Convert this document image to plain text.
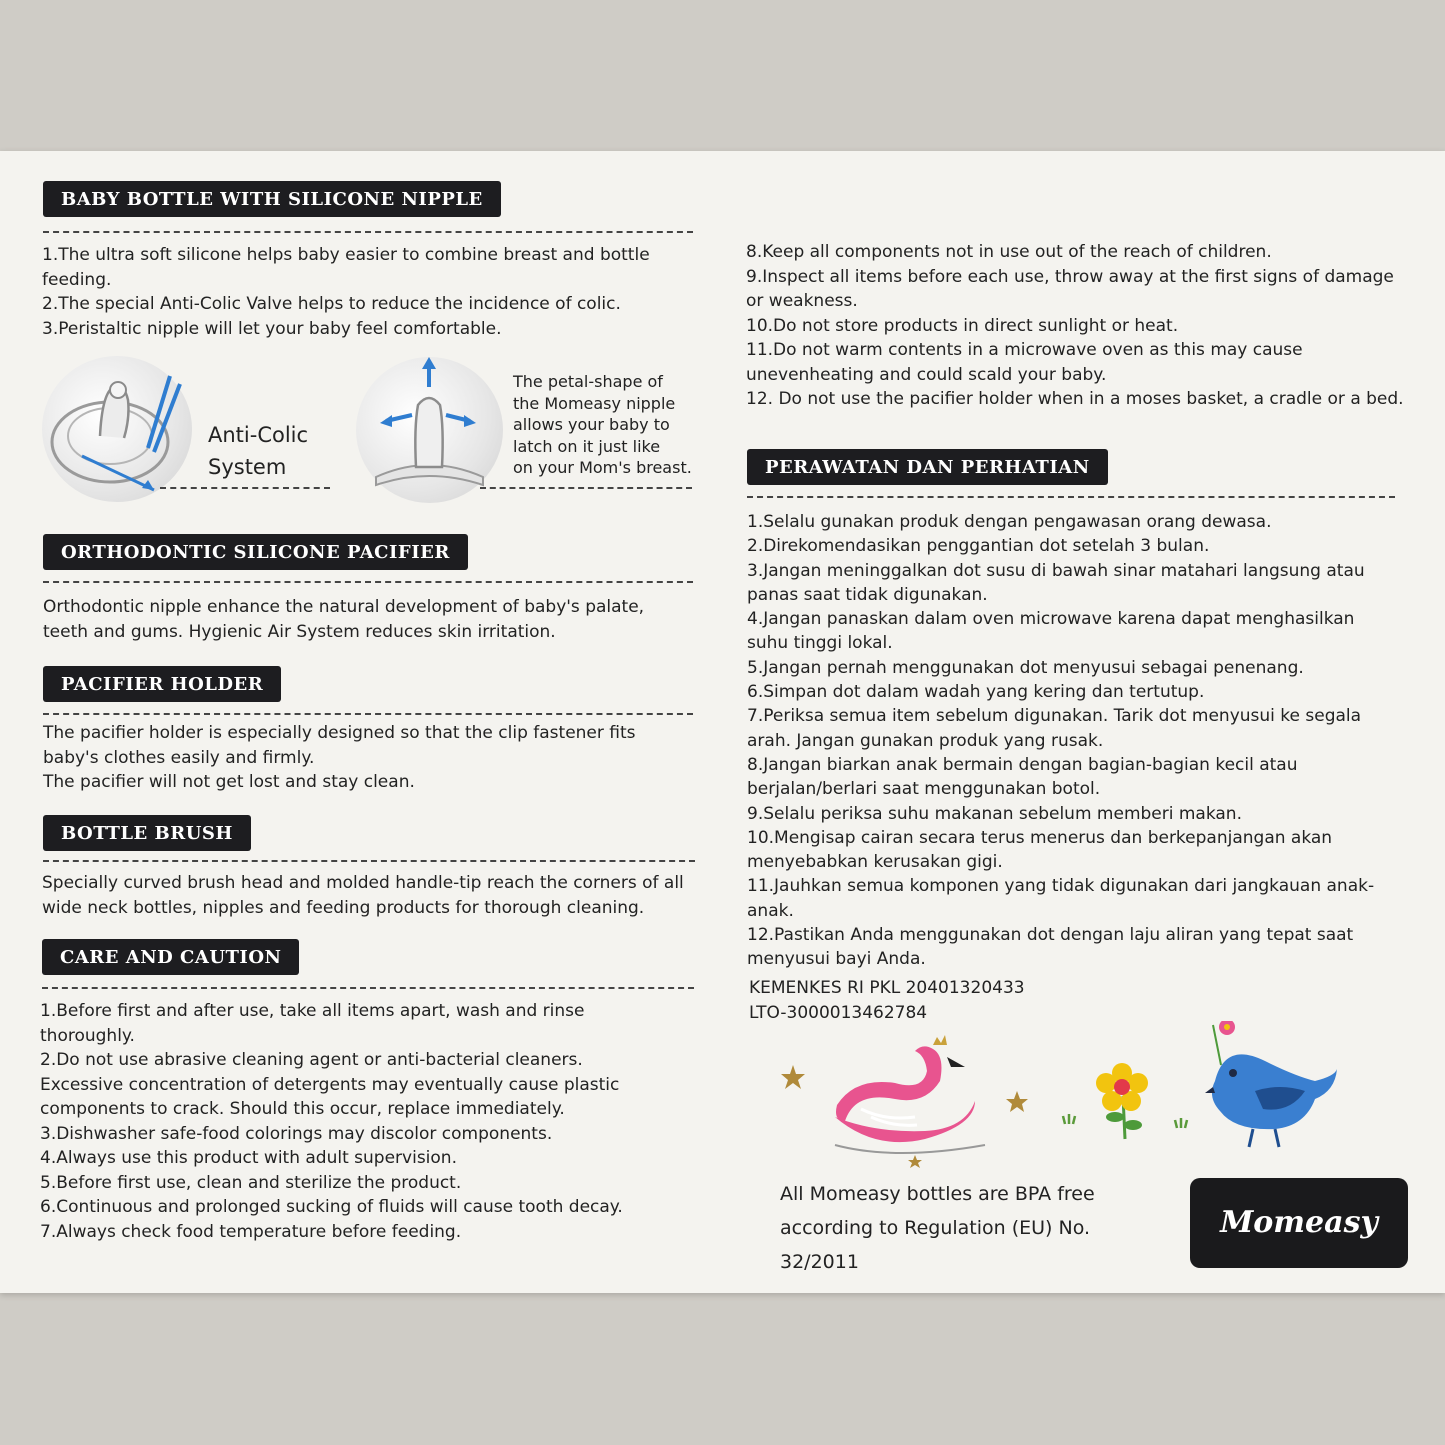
BABY BOTTLE WITH SILICONE NIPPLE

1.The ultra soft silicone helps baby easier to combine breast and bottle feeding.

2.The special Anti-Colic Valve helps to reduce the incidence of colic.

3.Peristaltic nipple will let your baby feel comfortable.

Anti-Colic
System
The petal-shape of
the Momeasy nipple
allows your baby to
latch on it just like
on your Mom's breast.
ORTHODONTIC SILICONE PACIFIER
Orthodontic nipple enhance the natural development of baby's palate, teeth and gums. Hygienic Air System reduces skin irritation.
PACIFIER HOLDER

The pacifier holder is especially designed so that the clip fastener fits baby's clothes easily and firmly.

The pacifier will not get lost and stay clean.

BOTTLE BRUSH
Specially curved brush head and molded handle-tip reach the corners of all wide neck bottles, nipples and feeding products for thorough cleaning.
CARE AND CAUTION

1.Before first and after use, take all items apart, wash and rinse thoroughly.

2.Do not use abrasive cleaning agent or anti-bacterial cleaners. Excessive concentration of detergents may eventually cause plastic components to crack. Should this occur, replace immediately.

3.Dishwasher safe-food colorings may discolor components.

4.Always use this product with adult supervision.

5.Before first use, clean and sterilize the product.

6.Continuous and prolonged sucking of fluids will cause tooth decay.

7.Always check food temperature before feeding.

8.Keep all components not in use out of the reach of children.

9.Inspect all items before each use, throw away at the first signs of damage or weakness.

10.Do not store products in direct sunlight or heat.

11.Do not warm contents in a microwave oven as this may cause unevenheating and could scald your baby.

12. Do not use the pacifier holder when in a moses basket, a cradle or a bed.

PERAWATAN DAN PERHATIAN

1.Selalu gunakan produk dengan pengawasan orang dewasa.

2.Direkomendasikan penggantian dot setelah 3 bulan.

3.Jangan meninggalkan dot susu di bawah sinar matahari langsung atau panas saat tidak digunakan.

4.Jangan panaskan dalam oven microwave karena dapat menghasilkan suhu tinggi lokal.

5.Jangan pernah menggunakan dot menyusui sebagai penenang.

6.Simpan dot dalam wadah yang kering dan tertutup.

7.Periksa semua item sebelum digunakan. Tarik dot menyusui ke segala arah. Jangan gunakan produk yang rusak.

8.Jangan biarkan anak bermain dengan bagian-bagian kecil atau berjalan/berlari saat menggunakan botol.

9.Selalu periksa suhu makanan sebelum memberi makan.

10.Mengisap cairan secara terus menerus dan berkepanjangan akan menyebabkan kerusakan gigi.

11.Jauhkan semua komponen yang tidak digunakan dari jangkauan anak-anak.

12.Pastikan Anda menggunakan dot dengan laju aliran yang tepat saat menyusui bayi Anda.

KEMENKES RI PKL 20401320433

LTO-3000013462784

All Momeasy bottles are BPA free
according to Regulation (EU) No.
32/2011
Momeasy
